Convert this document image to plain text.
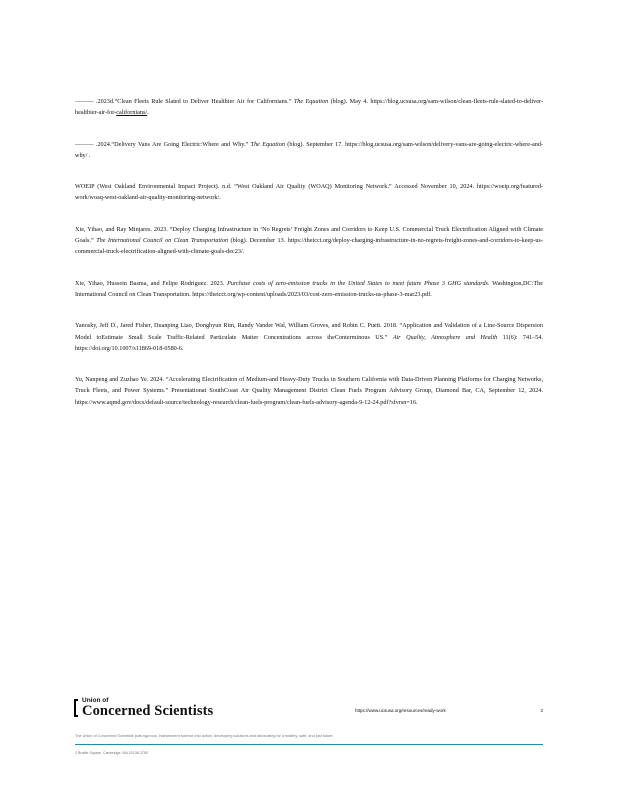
——— .2023d.“Clean Fleets Rule Slated to Deliver Healthier Air for Californians.” The Equation (blog). May 4. https://blog.ucsusa.org/sam-wilson/clean-fleets-rule-slated-to-deliver-healthier-air-for-californians/.

——— .2024.“Delivery Vans Are Going Electric:Where and Why.” The Equation (blog). September 17. https://blog.ucsusa.org/sam-wilson/delivery-vans-are-going-electric-where-and-why/ .

WOEIP (West Oakland Environmental Impact Project). n.d. “West Oakland Air Quality (WOAQ) Monitoring Network.” Accessed November 10, 2024. https://woeip.org/featured-work/woaq-west-oakland-air-quality-monitoring-network/.

Xie, Yihao, and Ray Minjares. 2023. “Deploy Charging Infrastructure in ‘No Regrets’ Freight Zones and Corridors to Keep U.S. Commercial Truck Electrification Aligned with Climate Goals.” The International Council on Clean Transportation (blog). December 13. https://theicct.org/deploy-charging-infrastructure-in-no-regrets-freight-zones-and-corridors-to-keep-us-commercial-truck-electrification-aligned-with-climate-goals-dec23/.

Xie, Yihao, Hussein Basma, and Felipe Rodriguez. 2023. Purchase costs of zero-emission trucks in the United States to meet future Phase 3 GHG standards. Washington,DC:The International Council on Clean Transportation. https://theicct.org/wp-content/uploads/2023/03/cost-zero-emission-trucks-us-phase-3-mar23.pdf.

Yanosky, Jeff D., Jared Fisher, Duanping Liao, Donghyun Rim, Randy Vander Wal, William Groves, and Robin C. Puett. 2018. “Application and Validation of a Line-Source Dispersion Model toEstimate Small Scale Traffic-Related Particulate Matter Concentrations across theConterminous US.” Air Quality, Atmosphere and Health 11(6): 741–54. https://doi.org/10.1007/s11869-018-0580-6.

Yu, Nanpeng and Zuzhao Ye. 2024. “Accelerating Electrification of Medium-and Heavy-Duty Trucks in Southern California with Data-Driven Planning Platforms for Charging Networks, Truck Fleets, and Power Systems.” Presentationat SouthCoast Air Quality Management District Clean Fuels Program Advisory Group, Diamond Bar, CA, September 12, 2024. https://www.aqmd.gov/docs/default-source/technology-research/clean-fuels-program/clean-fuels-advisory-agenda-9-12-24.pdf?sfvrsn=16.

Union of
Concerned Scientists	https://www.ucsusa.org/resources/ready-work	2
The Union of Concerned Scientists puts rigorous, independent science into action, developing solutions and advocating for a healthy, safe, and just future.
2 Brattle Square, Cambridge, MA 02138-3780
